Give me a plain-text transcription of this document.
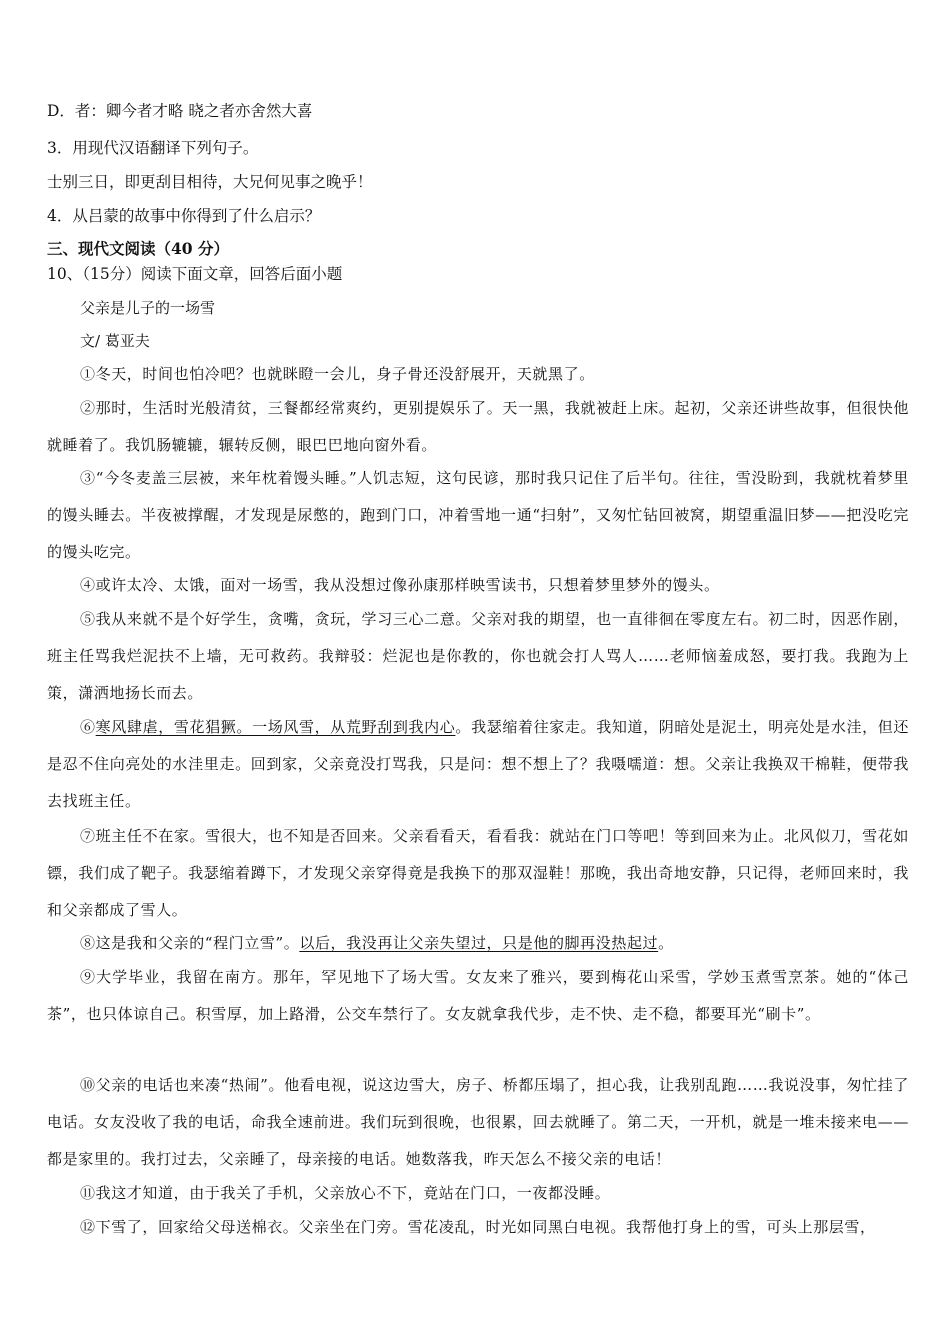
D．者：卿今者才略 晓之者亦舍然大喜
3．用现代汉语翻译下列句子。
士别三日，即更刮目相待，大兄何见事之晚乎！
4．从吕蒙的故事中你得到了什么启示？
三、现代文阅读（40 分）
10、（15分）阅读下面文章，回答后面小题
父亲是儿子的一场雪
文/ 葛亚夫
①冬天，时间也怕冷吧？也就眯瞪一会儿，身子骨还没舒展开，天就黑了。
②那时，生活时光般清贫，三餐都经常爽约，更别提娱乐了。天一黑，我就被赶上床。起初，父亲还讲些故事，但很快他就睡着了。我饥肠辘辘，辗转反侧，眼巴巴地向窗外看。
③“今冬麦盖三层被，来年枕着馒头睡。”人饥志短，这句民谚，那时我只记住了后半句。往往，雪没盼到，我就枕着梦里的馒头睡去。半夜被撑醒，才发现是尿憋的，跑到门口，冲着雪地一通“扫射”，又匆忙钻回被窝，期望重温旧梦——把没吃完的馒头吃完。
④或许太冷、太饿，面对一场雪，我从没想过像孙康那样映雪读书，只想着梦里梦外的馒头。
⑤我从来就不是个好学生，贪嘴，贪玩，学习三心二意。父亲对我的期望，也一直徘徊在零度左右。初二时，因恶作剧，班主任骂我烂泥扶不上墙，无可救药。我辩驳：烂泥也是你教的，你也就会打人骂人……老师恼羞成怒，要打我。我跑为上策，潇洒地扬长而去。
⑥寒风肆虐，雪花猖獗。一场风雪，从荒野刮到我内心。我瑟缩着往家走。我知道，阴暗处是泥土，明亮处是水洼，但还是忍不住向亮处的水洼里走。回到家，父亲竟没打骂我，只是问：想不想上了？我嗫嚅道：想。父亲让我换双干棉鞋，便带我去找班主任。
⑦班主任不在家。雪很大，也不知是否回来。父亲看看天，看看我：就站在门口等吧！等到回来为止。北风似刀，雪花如镖，我们成了靶子。我瑟缩着蹲下，才发现父亲穿得竟是我换下的那双湿鞋！那晚，我出奇地安静，只记得，老师回来时，我和父亲都成了雪人。
⑧这是我和父亲的“程门立雪”。以后，我没再让父亲失望过，只是他的脚再没热起过。
⑨大学毕业，我留在南方。那年，罕见地下了场大雪。女友来了雅兴，要到梅花山采雪，学妙玉煮雪烹茶。她的“体己茶”，也只体谅自己。积雪厚，加上路滑，公交车禁行了。女友就拿我代步，走不快、走不稳，都要耳光“刷卡”。
⑩父亲的电话也来凑“热闹”。他看电视，说这边雪大，房子、桥都压塌了，担心我，让我别乱跑……我说没事，匆忙挂了电话。女友没收了我的电话，命我全速前进。我们玩到很晚，也很累，回去就睡了。第二天，一开机，就是一堆未接来电——都是家里的。我打过去，父亲睡了，母亲接的电话。她数落我，昨天怎么不接父亲的电话！
⑪我这才知道，由于我关了手机，父亲放心不下，竟站在门口，一夜都没睡。
⑫下雪了，回家给父母送棉衣。父亲坐在门旁。雪花凌乱，时光如同黑白电视。我帮他打身上的雪，可头上那层雪，
